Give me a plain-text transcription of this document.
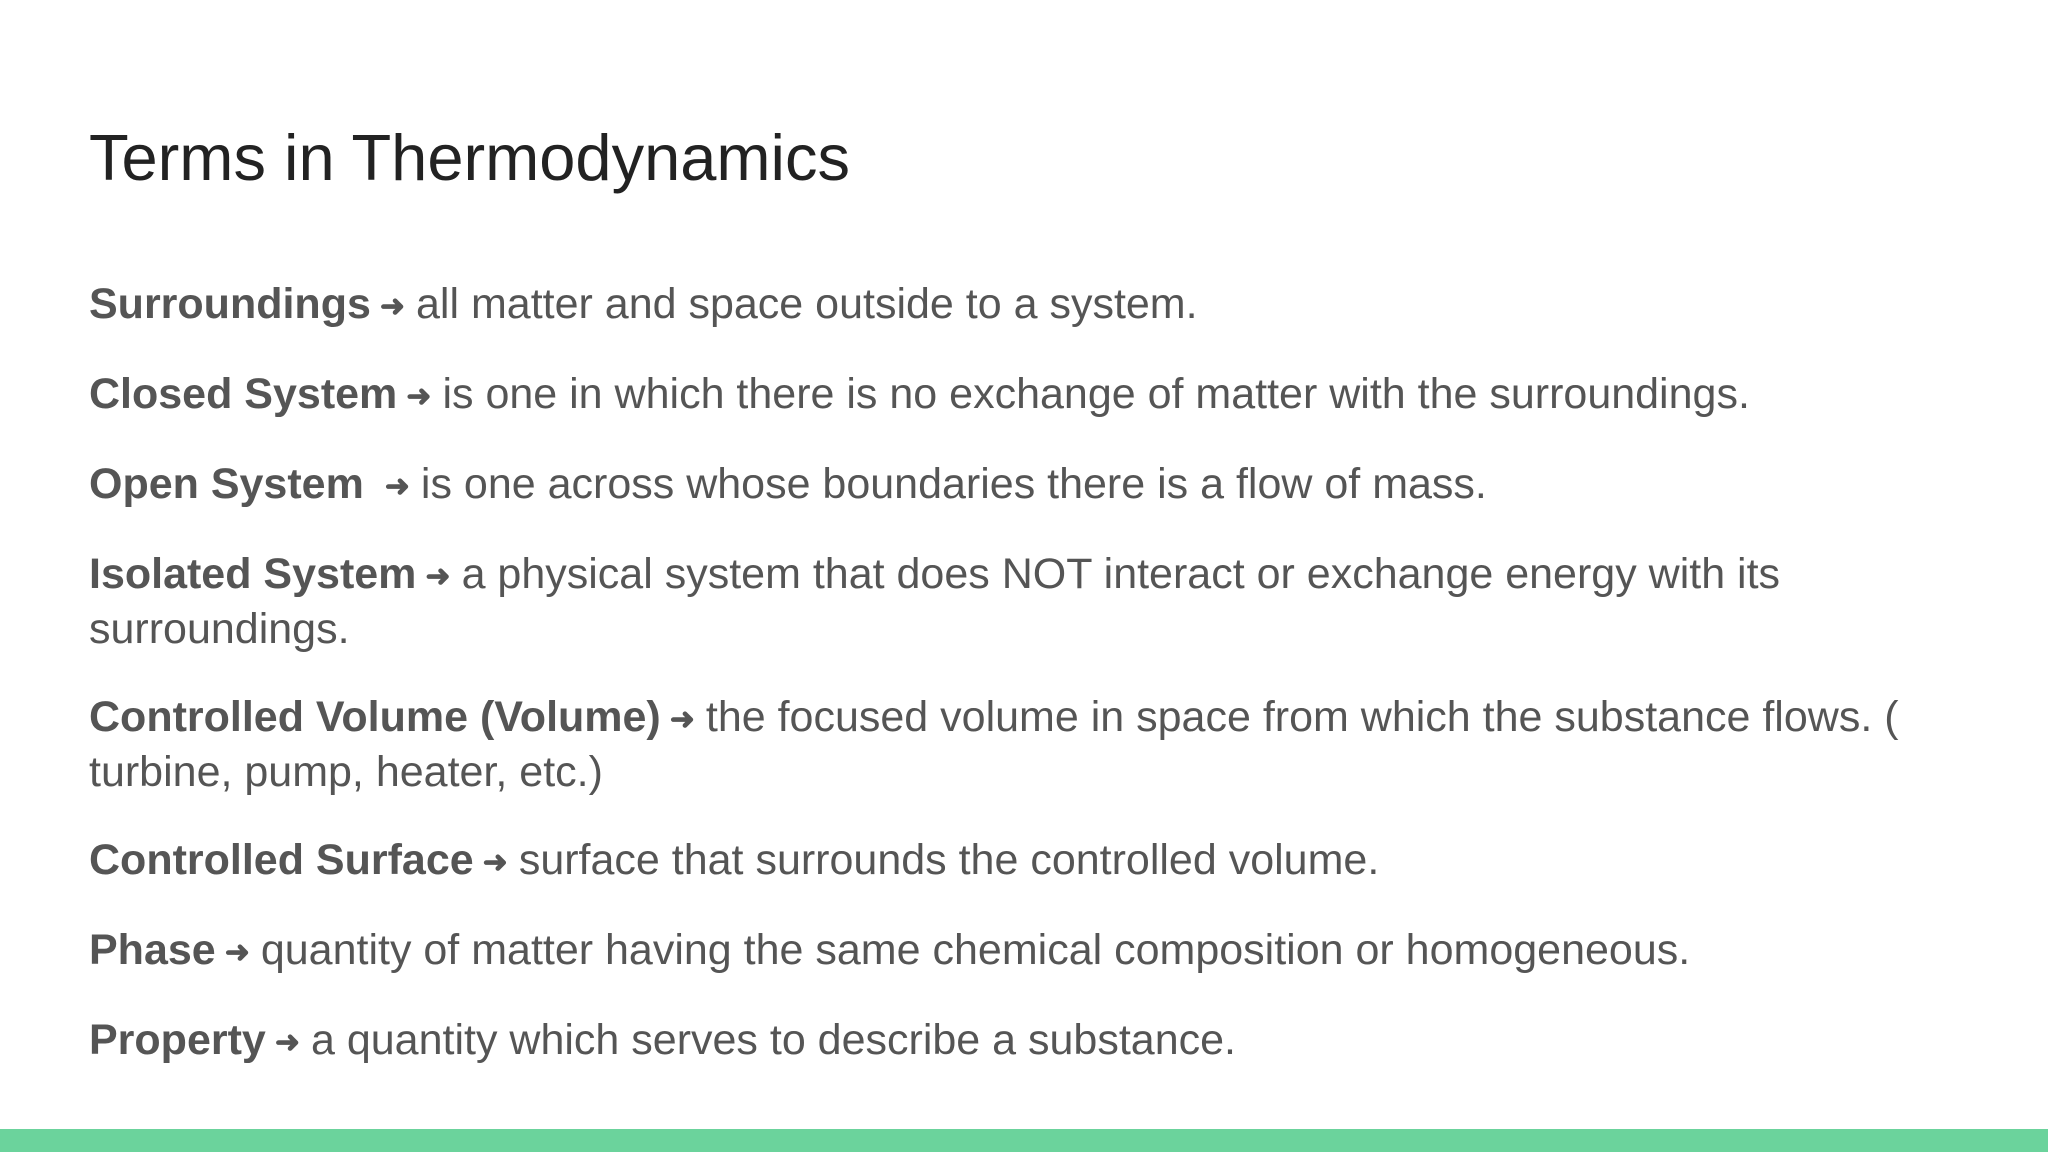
Terms in Thermodynamics
Surroundings ➜ all matter and space outside to a system.
Closed System ➜ is one in which there is no exchange of matter with the surroundings.
Open System ➜ is one across whose boundaries there is a flow of mass.
Isolated System ➜ a physical system that does NOT interact or exchange energy with its surroundings.
Controlled Volume (Volume) ➜ the focused volume in space from which the substance flows. ( turbine, pump, heater, etc.)
Controlled Surface ➜ surface that surrounds the controlled volume.
Phase ➜ quantity of matter having the same chemical composition or homogeneous.
Property ➜ a quantity which serves to describe a substance.
